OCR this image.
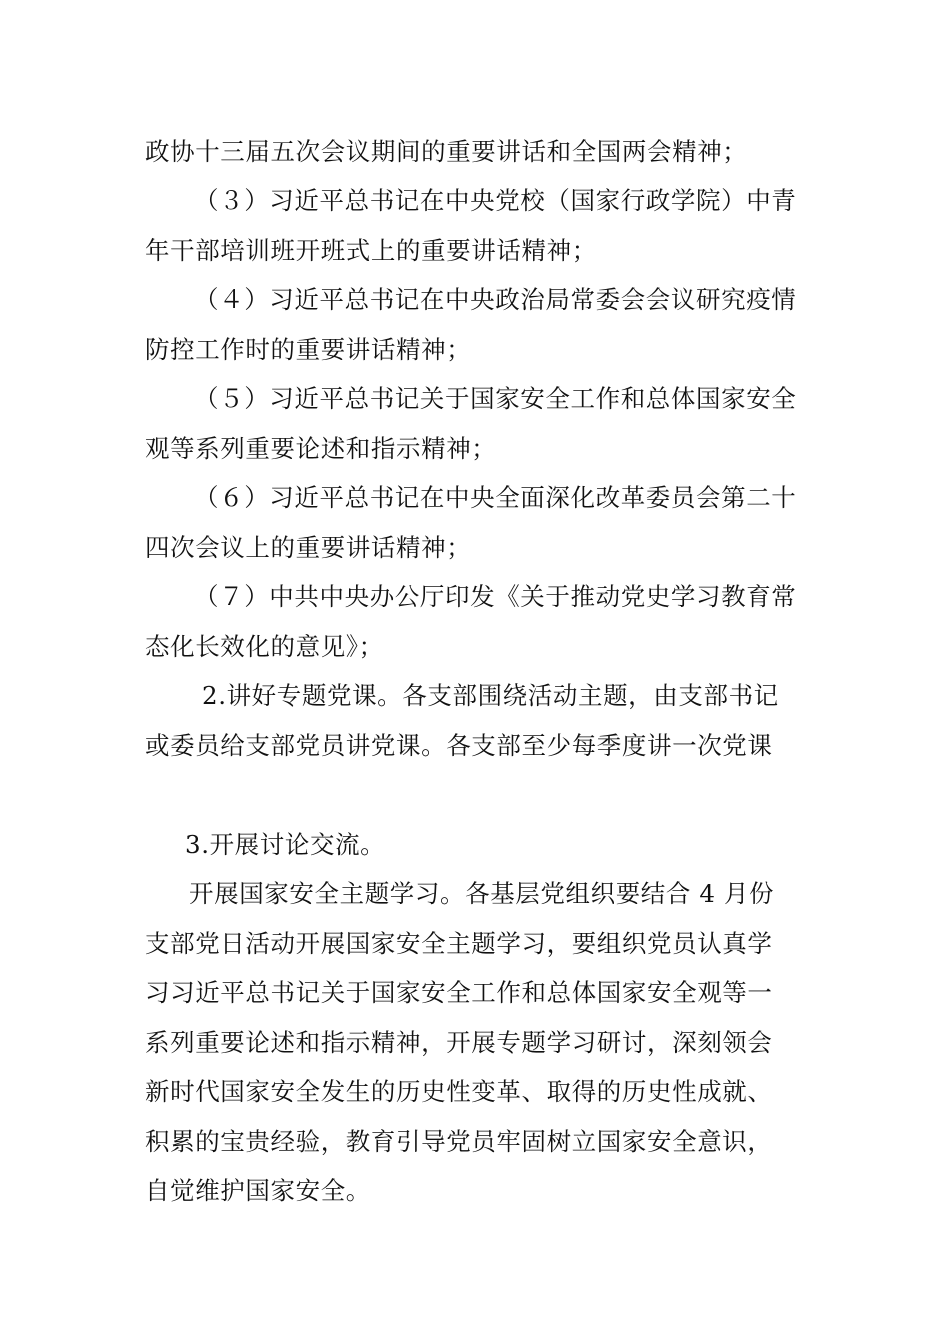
政协十三届五次会议期间的重要讲话和全国两会精神；
（３）习近平总书记在中央党校（国家行政学院）中青
年干部培训班开班式上的重要讲话精神；
（４）习近平总书记在中央政治局常委会会议研究疫情
防控工作时的重要讲话精神；
（５）习近平总书记关于国家安全工作和总体国家安全
观等系列重要论述和指示精神；
（６）习近平总书记在中央全面深化改革委员会第二十
四次会议上的重要讲话精神；
（７）中共中央办公厅印发《关于推动党史学习教育常
态化长效化的意见》；
2.讲好专题党课。各支部围绕活动主题，由支部书记
或委员给支部党员讲党课。各支部至少每季度讲一次党课
3.开展讨论交流。
开展国家安全主题学习。各基层党组织要结合 4 月份
支部党日活动开展国家安全主题学习，要组织党员认真学
习习近平总书记关于国家安全工作和总体国家安全观等一
系列重要论述和指示精神，开展专题学习研讨，深刻领会
新时代国家安全发生的历史性变革、取得的历史性成就、
积累的宝贵经验，教育引导党员牢固树立国家安全意识，
自觉维护国家安全。
